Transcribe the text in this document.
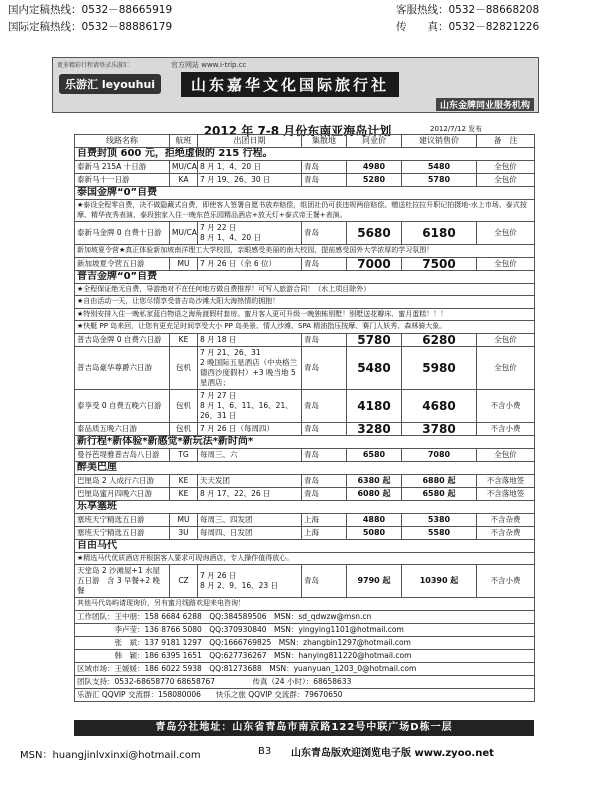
国内定稿热线：0532－88665919
国际定稿热线：0532－88886179
客服热线：0532－88668208
传　　真：0532－82821226
更多精彩行程请登录乐游汇	官方网站 www.i-trip.cc
乐游汇 leyouhui	山东嘉华文化国际旅行社
山东金牌同业服务机构
2012 年 7-8 月份东南亚海岛计划	2012/7/12 发布
线路名称	航班	出团日期	集散地	同业价	建议销售价	备　注
自费封顶 600 元，拒绝虚假的 215 行程。						
泰新马 215A 十日游	MU/CA	8 月 1、4、20 日	青岛	4980	5480	全包价
泰新马十一日游	KA	7 月 19、26、30 日	青岛	5280	5780	全包价
泰国金牌“0”自费						
★泰设全程零自费，决不做隐藏式自费，即使客人签署自愿书放弃赔偿，组团社仍可获违规两倍赔偿。赠送杜拉拉升职记拍摄地-水上市场、泰式按摩、精华夜秀表演、泰段独家入住一晚东芭乐园精品酒店+放天灯+泰式帝王餐+表演。						
泰新马金牌 0 自费十日游	MU/CA	7 月 22 日
8 月 1、4、20 日	青岛	5680	6180	全包价
新加坡夏令营★真正体验新加坡南洋理工大学校园，亲眼感受美丽的南大校园，提前感受国外大学浓厚的学习氛围！						
新加坡夏令营五日游	MU	7 月 26 日（余 6 位）	青岛	7000	7500	全包价
普吉金牌“0”自费						
★全程保证绝无自费，导游绝对不在任何地方做自费推荐！可写入旅游合同！（水上项目除外）						
★自由活动一天，让您尽情享受普吉岛沙滩大阳大海热情的拥抱！						
★特别安排入住一晚私家蓝白物语之海角渡假村套房。蜜月客人更可升级一晚独栋别墅！别墅送花瓣床、蜜月蛋糕！！！						
★快艇 PP 岛来回，让您有更充足时间享受大小 PP 岛美景、情人沙滩、SPA 精油指压按摩、赛门人妖秀、森林骑大象。						
普吉岛金牌 0 自费六日游	KE	8 月 18 日	青岛	5780	6280	全包价
普吉岛豪华尊爵六日游	包机	7 月 21、26、31
2 晚国际五星酒店（中央格兰德西沙度假村）+3 晚当地 5 星酒店；	青岛	5480	5980	全包价
泰享受 0 自费五晚六日游	包机	7 月 27 日
8 月 1、6、11、16、21、26、31 日	青岛	4180	4680	不含小费
泰品质五晚六日游	包机	7 月 26 日（每周四）	青岛	3280	3780	不含小费
新行程*新体验*新感觉*新玩法*新时尚*						
曼谷芭堤雅普吉岛八日游	TG	每周三、六	青岛	6580	7080	全包价
醉美巴厘						
巴厘岛 2 人成行六日游	KE	天天发团	青岛	6380 起	6880 起	不含落地签
巴厘岛蜜月四晚六日游	KE	8 月 17、22、26 日	青岛	6080 起	6580 起	不含落地签
乐享塞班						
塞班天宁精选五日游	MU	每周三、四发团	上海	4880	5380	不含杂费
塞班天宁精选五日游	3U	每周四、日发团	上海	5080	5580	不含杂费
自由马代						
★精选马代优质酒店并根据客人要求可现询酒店，专人操作值得放心。						
天堂岛 2 沙滩屋+1 水屋五日游　含 3 早餐+2 晚餐	CZ	7 月 26 日
8 月 2、9、16、23 日	青岛	9790 起	10390 起	不含小费
其他马代岛屿请现询价，另有蜜月线路欢迎来电咨询！						
工作团队：王中朋：158 6684 6288　QQ:384589506　MSN：sd_qdwzw@msn.cn						
　　　　　李卢莹：136 8766 5080　QQ:370930840　MSN：yingying1101@hotmail.com						
　　　　　张　斌：137 9181 1297　QQ:1666769825　MSN：zhangbin1297@hotmail.com						
　　　　　韩　颖：186 6395 1651　QQ:627736267　MSN：hanying811220@hotmail.com						
区域市场：王媛媛：186 6022 5938　QQ:81273688　MSN：yuanyuan_1203_0@hotmail.com						
团队支持：0532-68658770 68658767　　　　　传真（24 小时）：68658633						
乐游汇 QQVIP 交流群：158080006　　快乐之旅 QQVIP 交流群：79670650						
青岛分社地址：山东省青岛市南京路122号中联广场D栋一层
MSN：huangjinlvxinxi@hotmail.com	B3 山东青岛版欢迎浏览电子版 www.zyoo.net
